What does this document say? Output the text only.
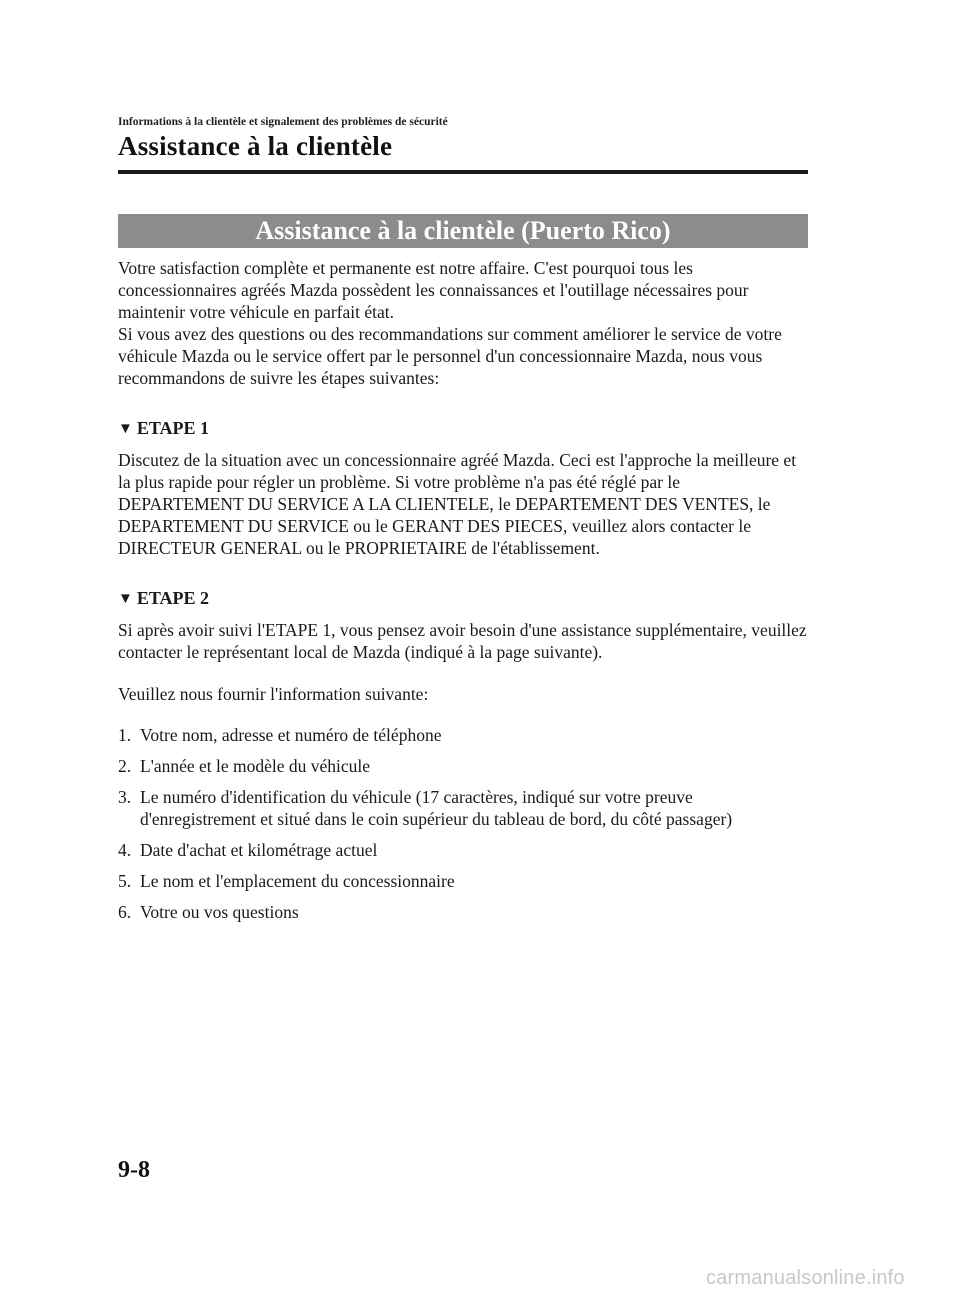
Informations à la clientèle et signalement des problèmes de sécurité
Assistance à la clientèle
Assistance à la clientèle (Puerto Rico)

Votre satisfaction complète et permanente est notre affaire. C'est pourquoi tous les concessionnaires agréés Mazda possèdent les connaissances et l'outillage nécessaires pour maintenir votre véhicule en parfait état.
Si vous avez des questions ou des recommandations sur comment améliorer le service de votre véhicule Mazda ou le service offert par le personnel d'un concessionnaire Mazda, nous vous recommandons de suivre les étapes suivantes:

▼ ETAPE 1

Discutez de la situation avec un concessionnaire agréé Mazda. Ceci est l'approche la meilleure et la plus rapide pour régler un problème. Si votre problème n'a pas été réglé par le DEPARTEMENT DU SERVICE A LA CLIENTELE, le DEPARTEMENT DES VENTES, le DEPARTEMENT DU SERVICE ou le GERANT DES PIECES, veuillez alors contacter le DIRECTEUR GENERAL ou le PROPRIETAIRE de l'établissement.

▼ ETAPE 2

Si après avoir suivi l'ETAPE 1, vous pensez avoir besoin d'une assistance supplémentaire, veuillez contacter le représentant local de Mazda (indiqué à la page suivante).

Veuillez nous fournir l'information suivante:

1. Votre nom, adresse et numéro de téléphone
2. L'année et le modèle du véhicule
3. Le numéro d'identification du véhicule (17 caractères, indiqué sur votre preuve d'enregistrement et situé dans le coin supérieur du tableau de bord, du côté passager)
4. Date d'achat et kilométrage actuel
5. Le nom et l'emplacement du concessionnaire
6. Votre ou vos questions
9-8
carmanualsonline.info
